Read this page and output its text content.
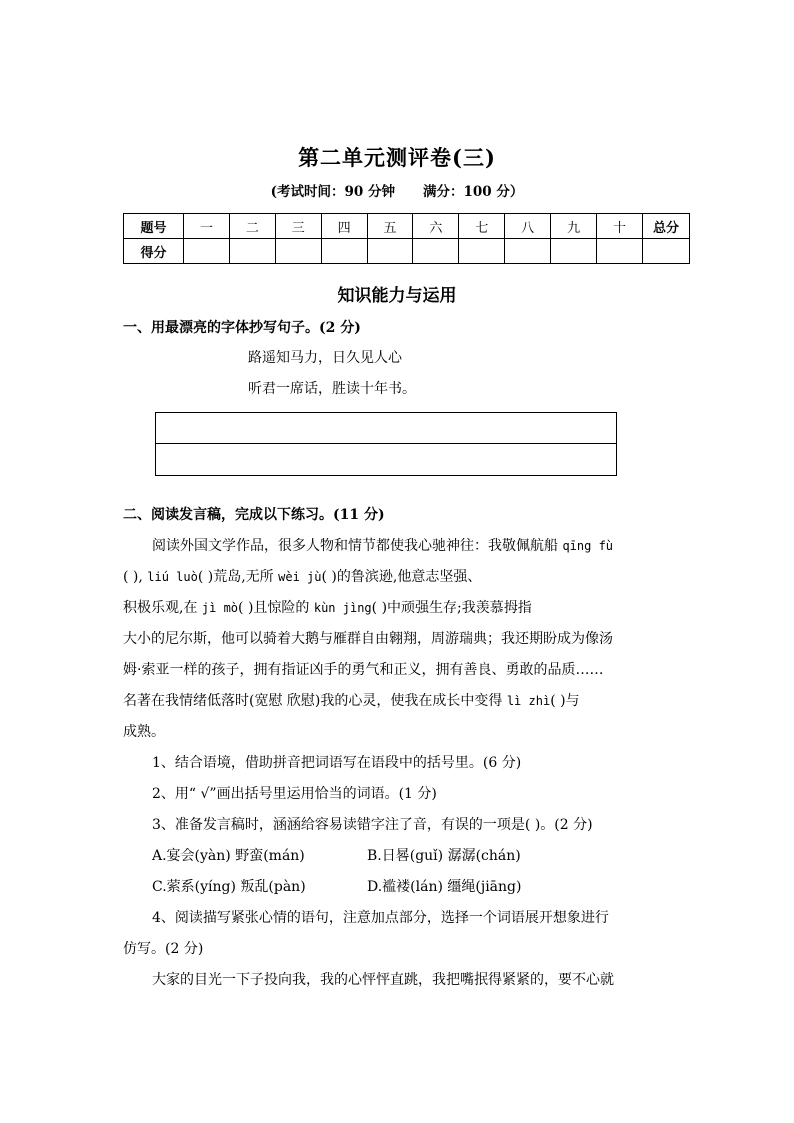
第二单元测评卷(三)
(考试时间：90 分钟 满分：100 分）
题号	一	二	三	四	五	六	七	八	九	十	总分
得分											
知识能力与运用
一、用最漂亮的字体抄写句子。(2 分)
路遥知马力，日久见人心
听君一席话，胜读十年书。
二、阅读发言稿，完成以下练习。(11 分)
阅读外国文学作品，很多人物和情节都使我心驰神往：我敬佩航船 qīng fù
( ), liú luò( )荒岛,无所 wèi jù( )的鲁滨逊,他意志坚强、
积极乐观,在 jì mò( )且惊险的 kùn jìng( )中顽强生存;我羡慕拇指
大小的尼尔斯，他可以骑着大鹅与雁群自由翱翔，周游瑞典；我还期盼成为像汤
姆·索亚一样的孩子，拥有指证凶手的勇气和正义，拥有善良、勇敢的品质……
名著在我情绪低落时(宽慰 欣慰)我的心灵，使我在成长中变得 lì zhì( )与
成熟。
1、结合语境，借助拼音把词语写在语段中的括号里。(6 分)
2、用“ √”画出括号里运用恰当的词语。(1 分)
3、准备发言稿时，涵涵给容易读错字注了音，有误的一项是( )。(2 分)
A.宴会(yàn) 野蛮(mán)	B.日晷(guǐ) 潺潺(chán)
C.萦系(yíng) 叛乱(pàn)	D.褴褛(lán) 缰绳(jiāng)
4、阅读描写紧张心情的语句，注意加点部分，选择一个词语展开想象进行
仿写。(2 分)
大家的目光一下子投向我，我的心怦怦直跳，我把嘴抿得紧紧的，要不心就
